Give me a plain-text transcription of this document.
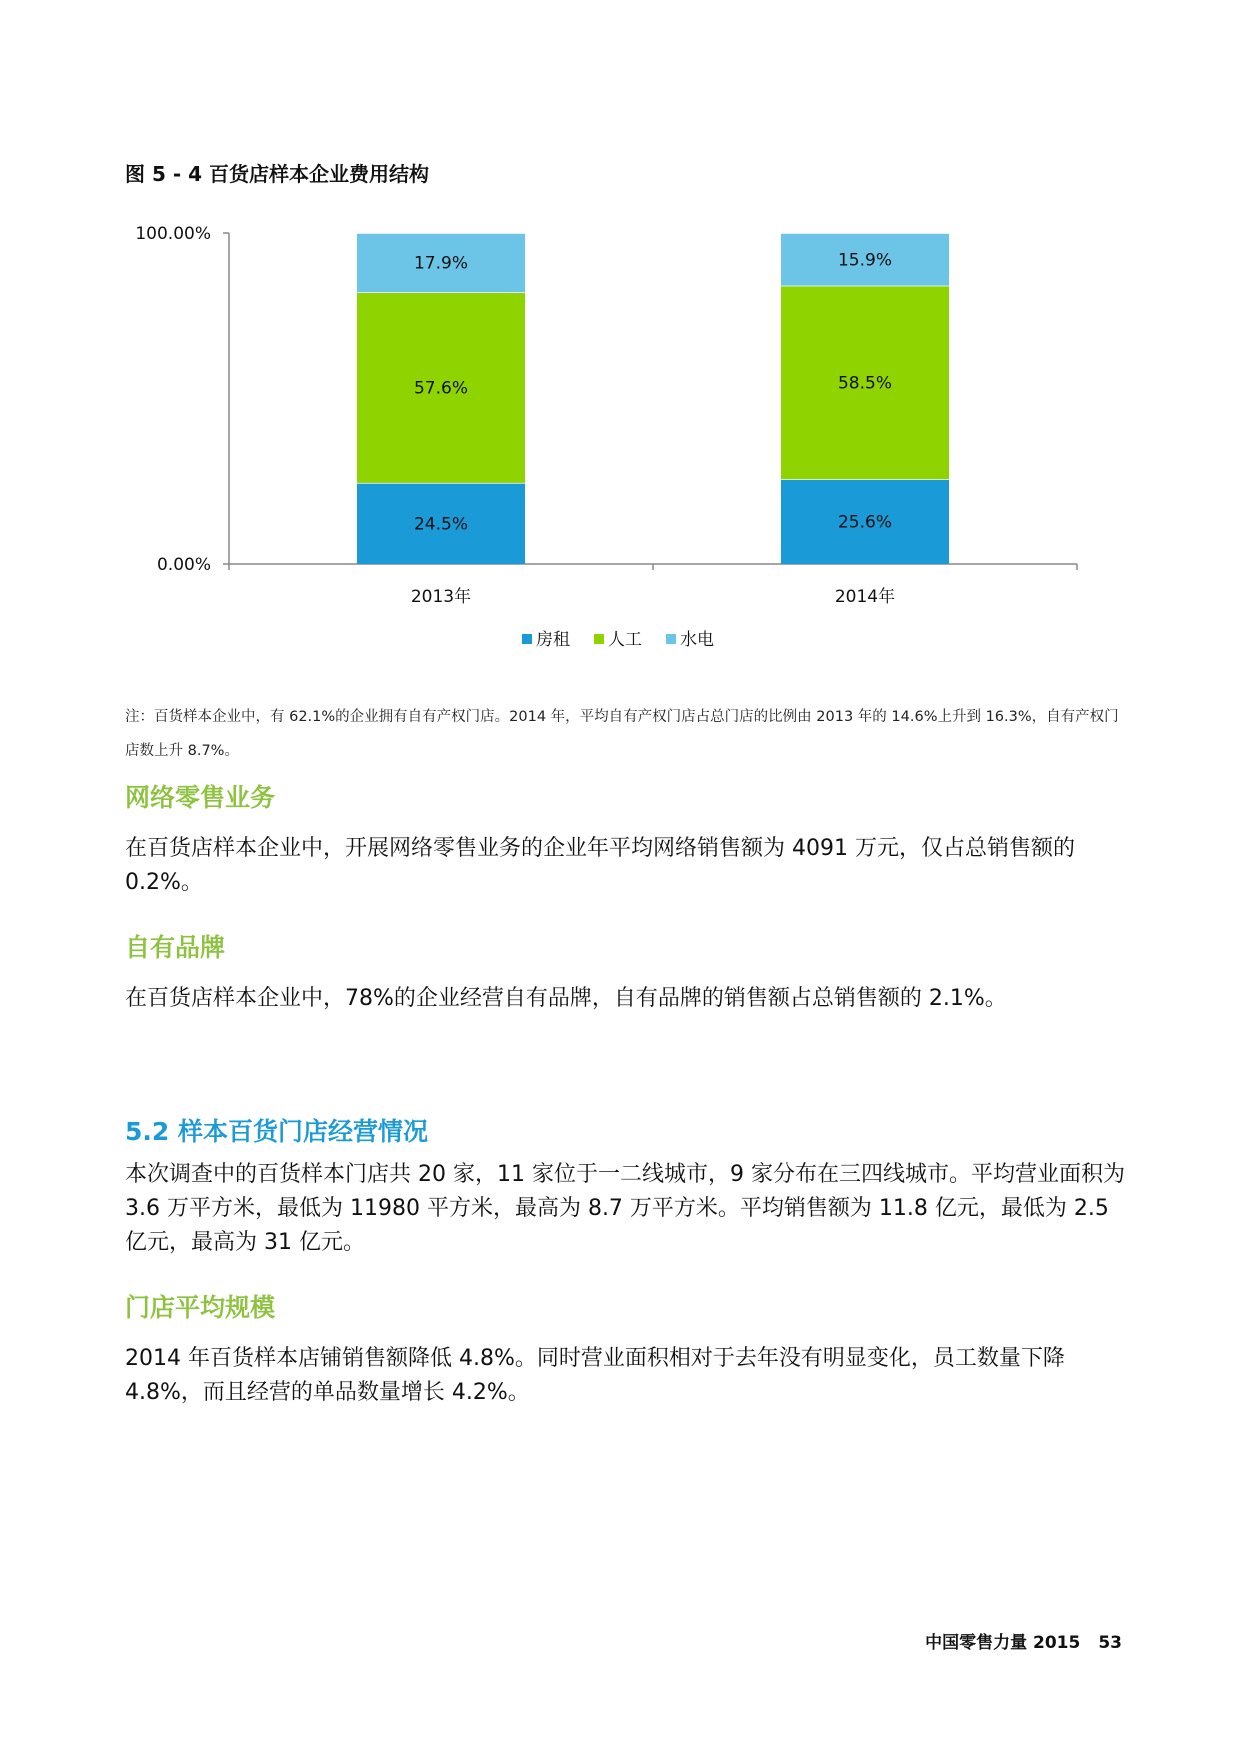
图 5 - 4 百货店样本企业费用结构
0.00%
100.00%
2013年	2014年
24.5%
57.6%
17.9%
25.6%
58.5%
15.9%
房租 人工 水电
注：百货样本企业中，有 62.1%的企业拥有自有产权门店。2014 年，平均自有产权门店占总门店的比例由 2013 年的 14.6%上升到 16.3%，自有产权门店数上升 8.7%。
网络零售业务
在百货店样本企业中，开展网络零售业务的企业年平均网络销售额为 4091 万元，仅占总销售额的 0.2%。
自有品牌
在百货店样本企业中，78%的企业经营自有品牌，自有品牌的销售额占总销售额的 2.1%。
5.2 样本百货门店经营情况
本次调查中的百货样本门店共 20 家，11 家位于一二线城市，9 家分布在三四线城市。平均营业面积为 3.6 万平方米，最低为 11980 平方米，最高为 8.7 万平方米。平均销售额为 11.8 亿元，最低为 2.5 亿元，最高为 31 亿元。
门店平均规模
2014 年百货样本店铺销售额降低 4.8%。同时营业面积相对于去年没有明显变化，员工数量下降 4.8%，而且经营的单品数量增长 4.2%。
中国零售力量 2015 53
